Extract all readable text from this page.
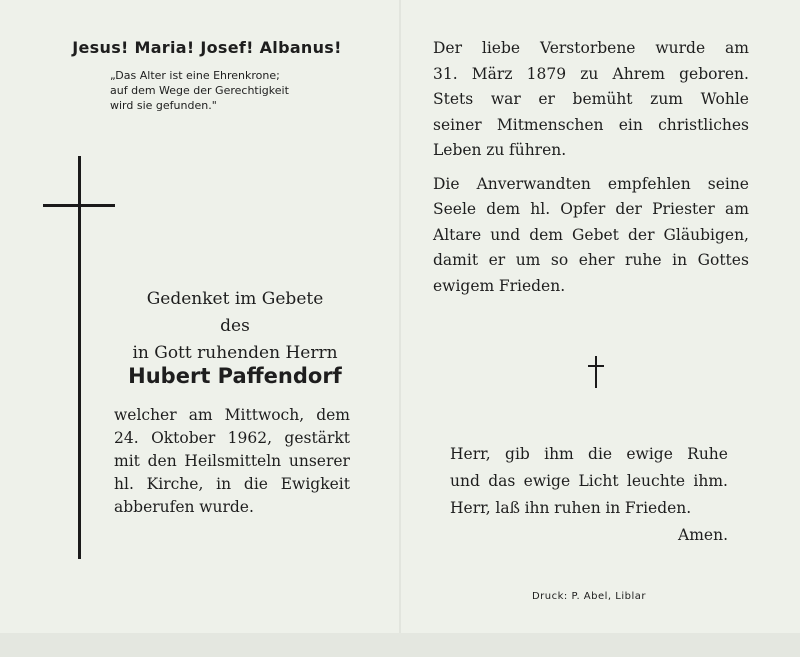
Jesus! Maria! Josef! Albanus!
„Das Alter ist eine Ehrenkrone;
auf dem Wege der Gerechtigkeit
wird sie gefunden."
Gedenket im Gebete
des
in Gott ruhenden Herrn
Hubert Paffendorf
welcher am Mittwoch, dem
24. Oktober 1962, gestärkt
mit den Heilsmitteln unserer
hl. Kirche, in die Ewigkeit
abberufen wurde.
Der liebe Verstorbene wurde am
31. März 1879 zu Ahrem geboren.
Stets war er bemüht zum Wohle
seiner Mitmenschen ein christliches
Leben zu führen.
Die Anverwandten empfehlen seine
Seele dem hl. Opfer der Priester am
Altare und dem Gebet der Gläubigen,
damit er um so eher ruhe in Gottes
ewigem Frieden.
Herr, gib ihm die ewige Ruhe
und das ewige Licht leuchte ihm.
Herr, laß ihn ruhen in Frieden.
Amen.
Druck: P. Abel, Liblar
